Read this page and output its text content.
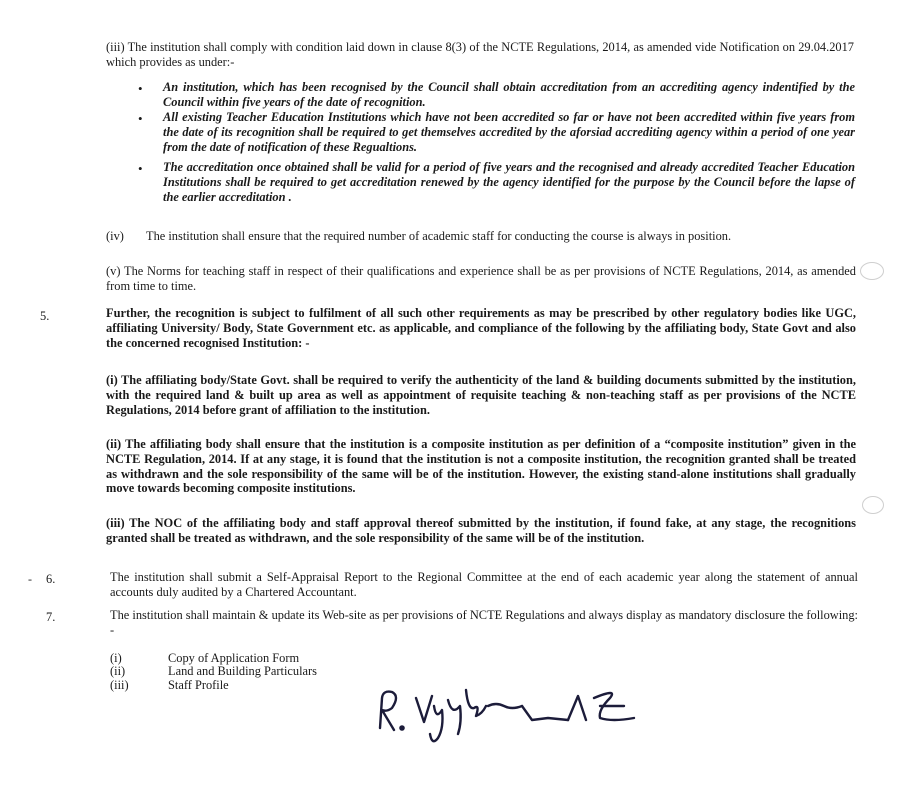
(iii) The institution shall comply with condition laid down in clause 8(3) of the NCTE Regulations, 2014, as amended vide Notification on 29.04.2017 which provides as under:-
• An institution, which has been recognised by the Council shall obtain accreditation from an accrediting agency indentified by the Council within five years of the date of recognition.
• All existing Teacher Education Institutions which have not been accredited so far or have not been accredited within five years from the date of its recognition shall be required to get themselves accredited by the aforsiad accrediting agency within a period of one year from the date of notification of these Regualtions.
• The accreditation once obtained shall be valid for a period of five years and the recognised and already accredited Teacher Education Institutions shall be required to get accreditation renewed by the agency identified for the purpose by the Council before the lapse of the earlier accreditation .
(iv) The institution shall ensure that the required number of academic staff for conducting the course is always in position.
(v) The Norms for teaching staff in respect of their qualifications and experience shall be as per provisions of NCTE Regulations, 2014, as amended from time to time.
5.	Further, the recognition is subject to fulfilment of all such other requirements as may be prescribed by other regulatory bodies like UGC, affiliating University/ Body, State Government etc. as applicable, and compliance of the following by the affiliating body, State Govt and also the concerned recognised Institution: -
(i) The affiliating body/State Govt. shall be required to verify the authenticity of the land & building documents submitted by the institution, with the required land & built up area as well as appointment of requisite teaching & non-teaching staff as per provisions of the NCTE Regulations, 2014 before grant of affiliation to the institution.
(ii) The affiliating body shall ensure that the institution is a composite institution as per definition of a “composite institution” given in the NCTE Regulation, 2014. If at any stage, it is found that the institution is not a composite institution, the recognition granted shall be treated as withdrawn and the sole responsibility of the same will be of the institution. However, the existing stand-alone institutions shall gradually move towards becoming composite institutions.
(iii) The NOC of the affiliating body and staff approval thereof submitted by the institution, if found fake, at any stage, the recognitions granted shall be treated as withdrawn, and the sole responsibility of the same will be of the institution.
- 6.	The institution shall submit a Self-Appraisal Report to the Regional Committee at the end of each academic year along the statement of annual accounts duly audited by a Chartered Accountant.
7.	The institution shall maintain & update its Web-site as per provisions of NCTE Regulations and always display as mandatory disclosure the following: -
(i)	Copy of Application Form
(ii)	Land and Building Particulars
(iii)	Staff Profile
